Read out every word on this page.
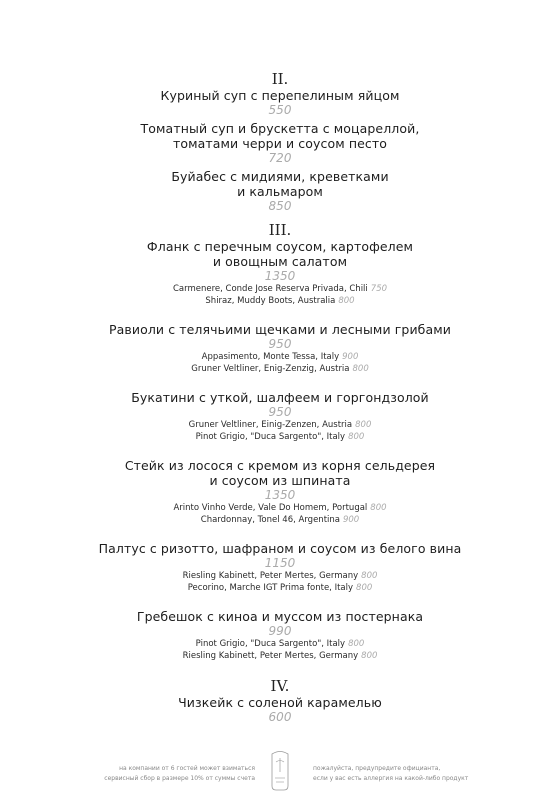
II.
Куриный суп с перепелиным яйцом
550
Томатный суп и брускетта с моцареллой,
томатами черри и соусом песто
720
Буйабес с мидиями, креветками
и кальмаром
850
III.
Фланк с перечным соусом, картофелем
и овощным салатом
1350
Carmenere, Conde Jose Reserva Privada, Chili 750
Shiraz, Muddy Boots, Australia 800
Равиоли с телячьими щечками и лесными грибами
950
Appasimento, Monte Tessa, Italy 900
Gruner Veltliner, Enig-Zenzig, Austria 800
Букатини с уткой, шалфеем и горгондзолой
950
Gruner Veltliner, Einig-Zenzen, Austria 800
Pinot Grigio, "Duca Sargento", Italy 800
Стейк из лосося с кремом из корня сельдерея
и соусом из шпината
1350
Arinto Vinho Verde, Vale Do Homem, Portugal 800
Chardonnay, Tonel 46, Argentina 900
Палтус с ризотто, шафраном и соусом из белого вина
1150
Riesling Kabinett, Peter Mertes, Germany 800
Pecorino, Marche IGT Prima fonte, Italy 800
Гребешок с киноа и муссом из постернака
990
Pinot Grigio, "Duca Sargento", Italy 800
Riesling Kabinett, Peter Mertes, Germany 800
IV.
Чизкейк с соленой карамелью
600
на компании от 6 гостей может взиматься
сервисный сбор в размере 10% от суммы счета
пожалуйста, предупредите официанта,
если у вас есть аллергия на какой-либо продукт
